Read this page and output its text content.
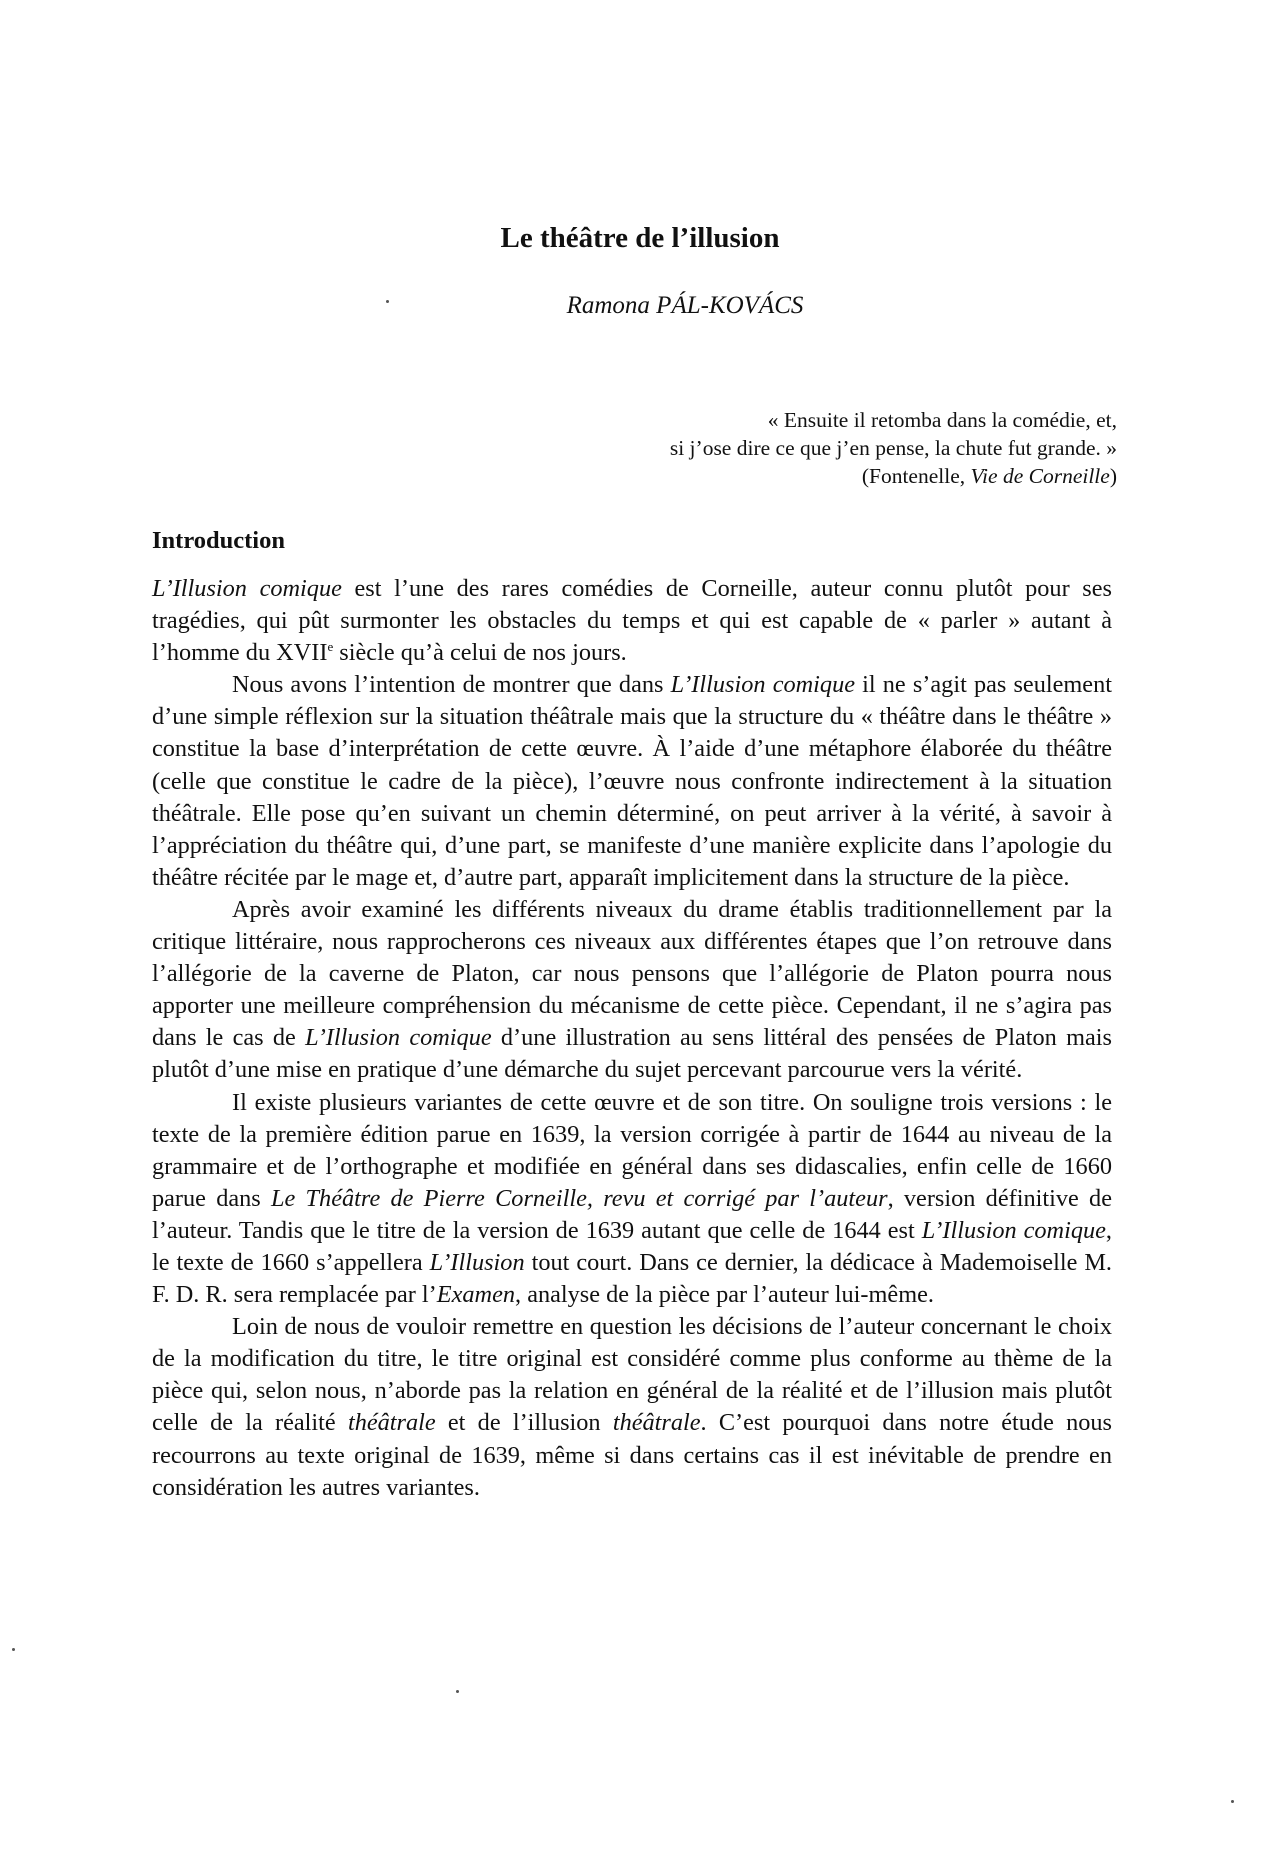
Le théâtre de l’illusion
Ramona PÁL-KOVÁCS
« Ensuite il retomba dans la comédie, et,
si j’ose dire ce que j’en pense, la chute fut grande. »
(Fontenelle, Vie de Corneille)
Introduction

L’Illusion comique est l’une des rares comédies de Corneille, auteur connu plutôt pour ses tragédies, qui pût surmonter les obstacles du temps et qui est capable de « parler » autant à l’homme du XVIIe siècle qu’à celui de nos jours.

Nous avons l’intention de montrer que dans L’Illusion comique il ne s’agit pas seulement d’une simple réflexion sur la situation théâtrale mais que la structure du « théâtre dans le théâtre » constitue la base d’interprétation de cette œuvre. À l’aide d’une métaphore élaborée du théâtre (celle que constitue le cadre de la pièce), l’œuvre nous confronte indirectement à la situation théâtrale. Elle pose qu’en suivant un chemin déterminé, on peut arriver à la vérité, à savoir à l’appréciation du théâtre qui, d’une part, se manifeste d’une manière explicite dans l’apologie du théâtre récitée par le mage et, d’autre part, apparaît implicitement dans la structure de la pièce.

Après avoir examiné les différents niveaux du drame établis traditionnellement par la critique littéraire, nous rapprocherons ces niveaux aux différentes étapes que l’on retrouve dans l’allégorie de la caverne de Platon, car nous pensons que l’allégorie de Platon pourra nous apporter une meilleure compréhension du mécanisme de cette pièce. Cependant, il ne s’agira pas dans le cas de L’Illusion comique d’une illustration au sens littéral des pensées de Platon mais plutôt d’une mise en pratique d’une démarche du sujet percevant parcourue vers la vérité.

Il existe plusieurs variantes de cette œuvre et de son titre. On souligne trois versions : le texte de la première édition parue en 1639, la version corrigée à partir de 1644 au niveau de la grammaire et de l’orthographe et modifiée en général dans ses didascalies, enfin celle de 1660 parue dans Le Théâtre de Pierre Corneille, revu et corrigé par l’auteur, version définitive de l’auteur. Tandis que le titre de la version de 1639 autant que celle de 1644 est L’Illusion comique, le texte de 1660 s’appellera L’Illusion tout court. Dans ce dernier, la dédicace à Mademoiselle M. F. D. R. sera remplacée par l’Examen, analyse de la pièce par l’auteur lui-même.

Loin de nous de vouloir remettre en question les décisions de l’auteur concernant le choix de la modification du titre, le titre original est considéré comme plus conforme au thème de la pièce qui, selon nous, n’aborde pas la relation en général de la réalité et de l’illusion mais plutôt celle de la réalité théâtrale et de l’illusion théâtrale. C’est pourquoi dans notre étude nous recourrons au texte original de 1639, même si dans certains cas il est inévitable de prendre en considération les autres variantes.
